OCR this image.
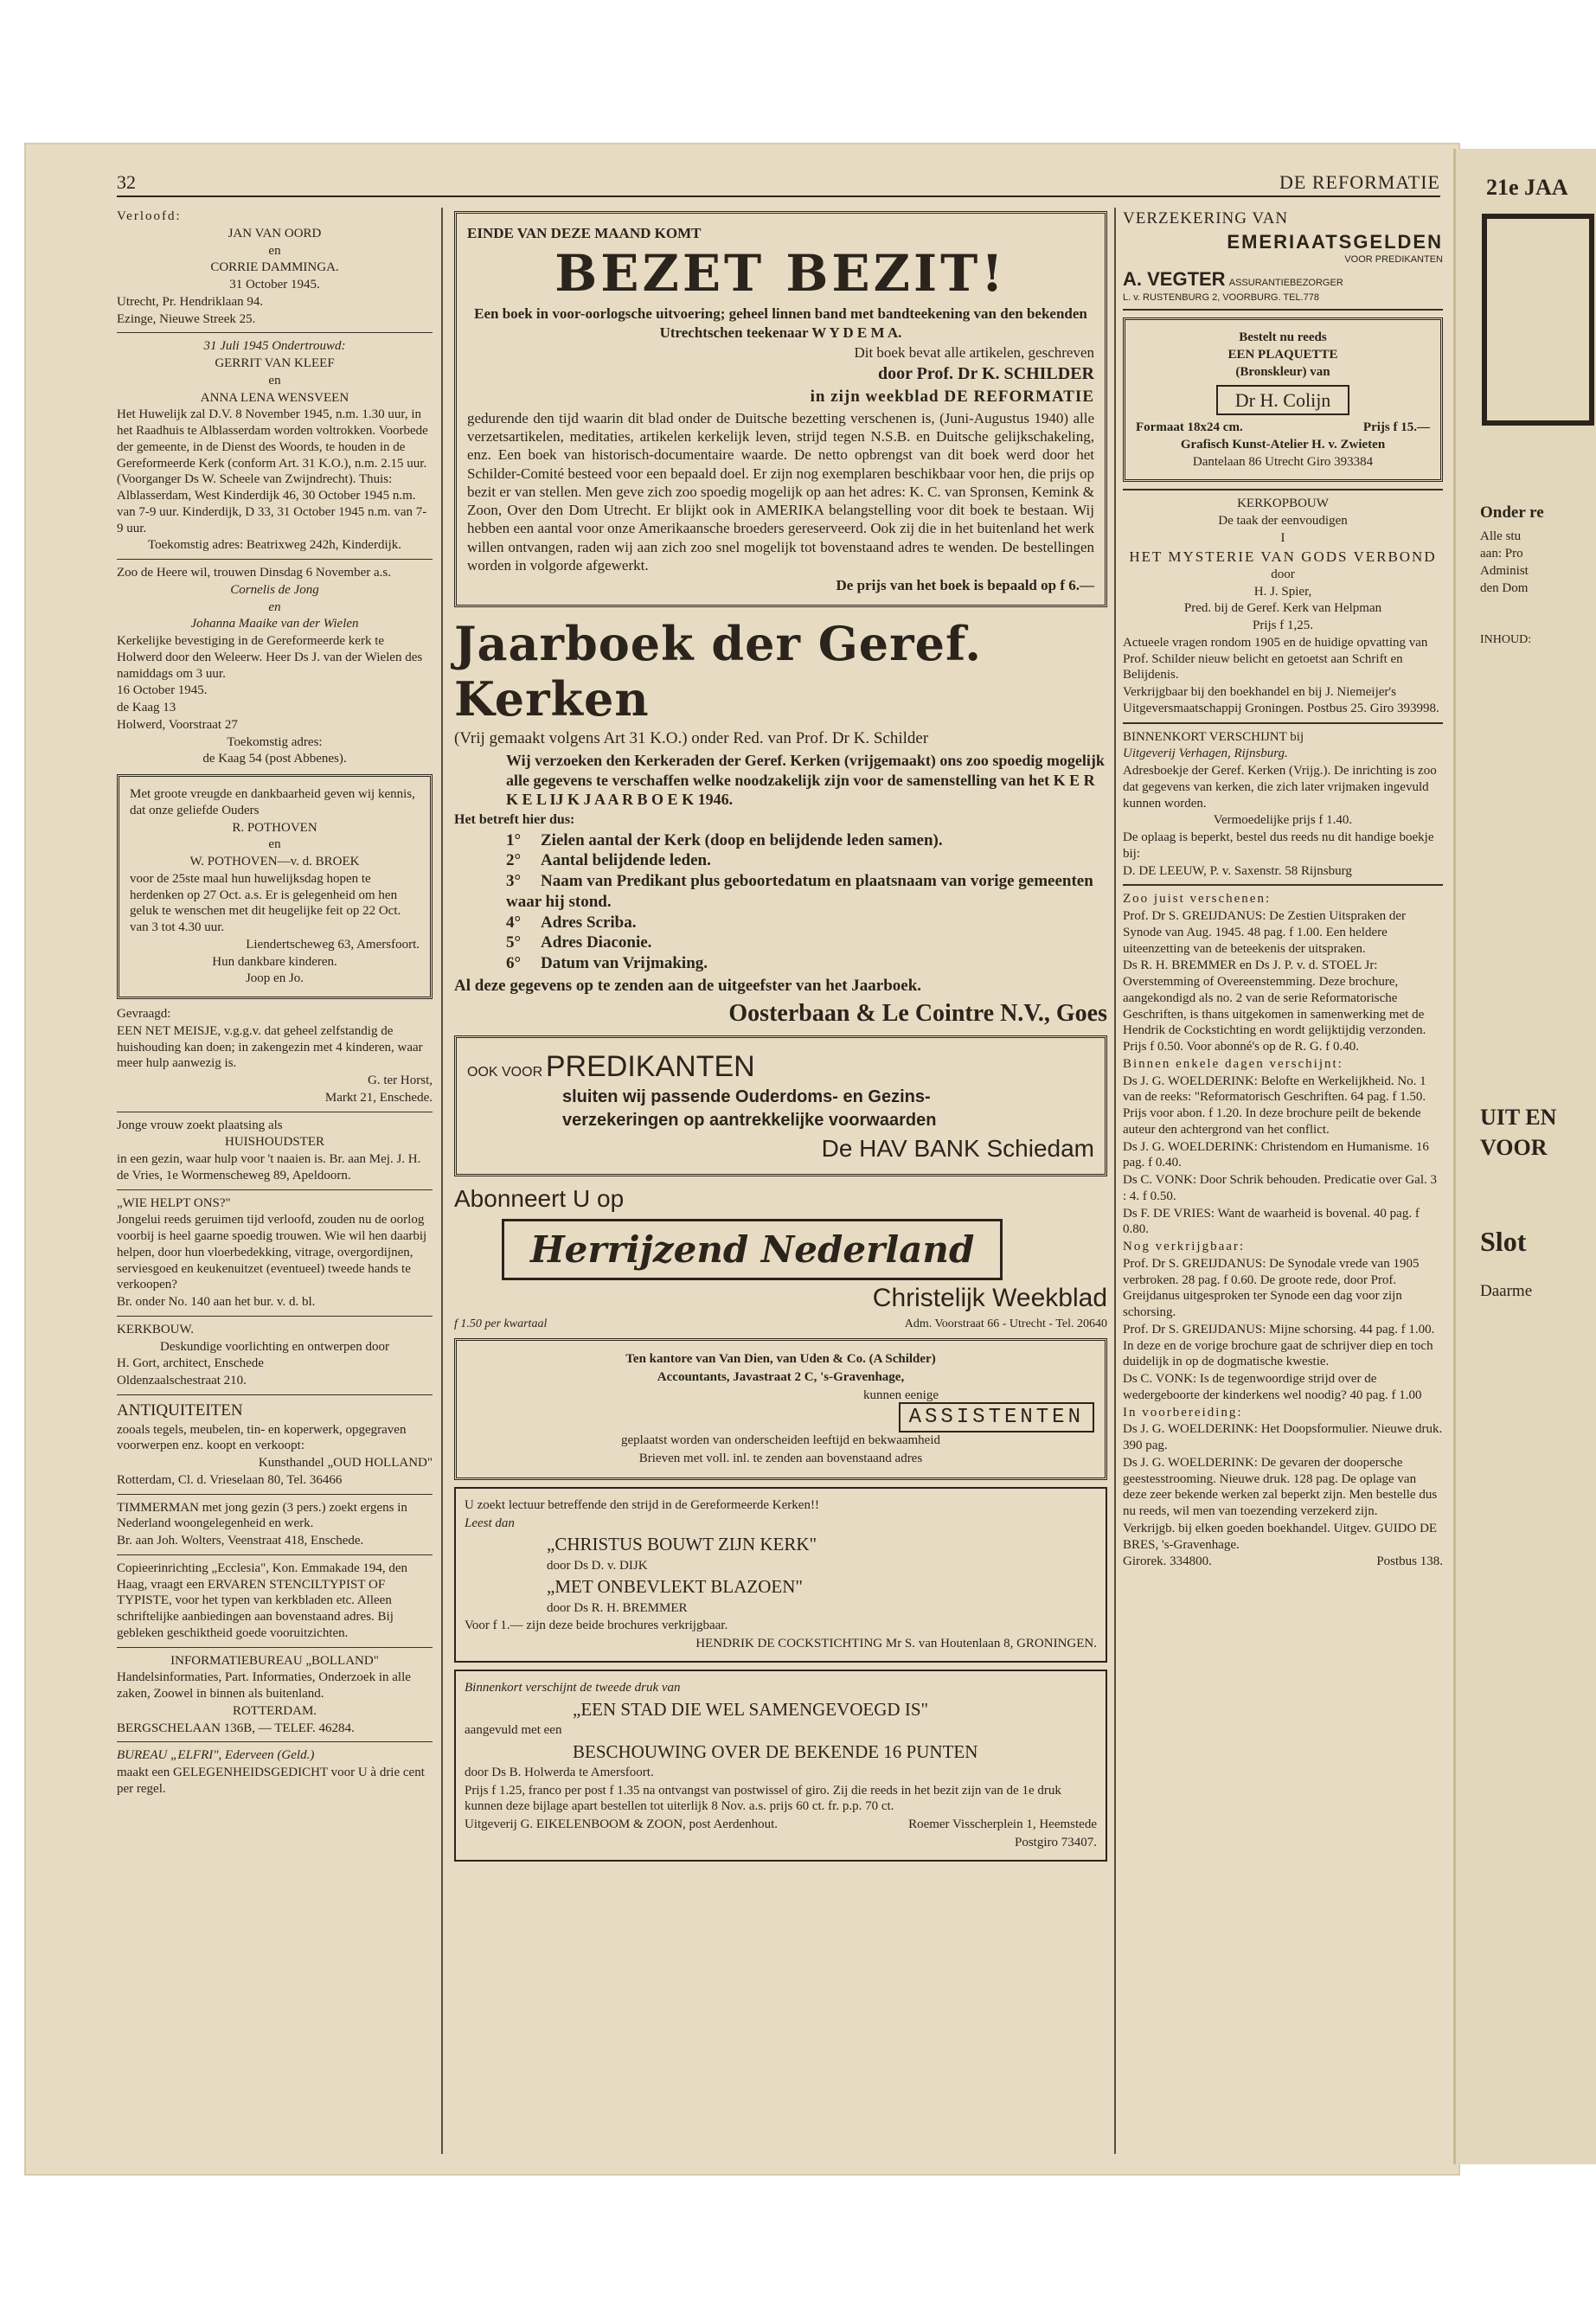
21e JAA
Onder re
Alle stu
aan: Pro
Administ
den Dom
INHOUD:
UIT EN
VOOR
Slot
Daarme
32	DE REFORMATIE

Verloofd:

JAN VAN OORD

en

CORRIE DAMMINGA.

31 October 1945.

Utrecht, Pr. Hendriklaan 94.

Ezinge, Nieuwe Streek 25.

31 Juli 1945 Ondertrouwd:

GERRIT VAN KLEEF

en

ANNA LENA WENSVEEN

Het Huwelijk zal D.V. 8 November 1945, n.m. 1.30 uur, in het Raadhuis te Alblasserdam worden voltrokken. Voorbede der gemeente, in de Dienst des Woords, te houden in de Gereformeerde Kerk (conform Art. 31 K.O.), n.m. 2.15 uur. (Voorganger Ds W. Scheele van Zwijndrecht). Thuis: Alblasserdam, West Kinderdijk 46, 30 October 1945 n.m. van 7-9 uur. Kinderdijk, D 33, 31 October 1945 n.m. van 7-9 uur.

Toekomstig adres: Beatrixweg 242h, Kinderdijk.

Zoo de Heere wil, trouwen Dinsdag 6 November a.s.

Cornelis de Jong

en

Johanna Maaike van der Wielen

Kerkelijke bevestiging in de Gereformeerde kerk te Holwerd door den Weleerw. Heer Ds J. van der Wielen des namiddags om 3 uur.

16 October 1945.

de Kaag 13

Holwerd, Voorstraat 27

Toekomstig adres:

de Kaag 54 (post Abbenes).

Met groote vreugde en dankbaarheid geven wij kennis, dat onze geliefde Ouders

R. POTHOVEN

en

W. POTHOVEN—v. d. BROEK

voor de 25ste maal hun huwelijksdag hopen te herdenken op 27 Oct. a.s. Er is gelegenheid om hen geluk te wenschen met dit heugelijke feit op 22 Oct. van 3 tot 4.30 uur.

Liendertscheweg 63, Amersfoort.

Hun dankbare kinderen.

Joop en Jo.

Gevraagd:

EEN NET MEISJE, v.g.g.v. dat geheel zelfstandig de huishouding kan doen; in zakengezin met 4 kinderen, waar meer hulp aanwezig is.

G. ter Horst,

Markt 21, Enschede.

Jonge vrouw zoekt plaatsing als

HUISHOUDSTER

in een gezin, waar hulp voor 't naaien is. Br. aan Mej. J. H. de Vries, 1e Wormenscheweg 89, Apeldoorn.

„WIE HELPT ONS?"

Jongelui reeds geruimen tijd verloofd, zouden nu de oorlog voorbij is heel gaarne spoedig trouwen. Wie wil hen daarbij helpen, door hun vloerbedekking, vitrage, overgordijnen, serviesgoed en keukenuitzet (eventueel) tweede hands te verkoopen?

Br. onder No. 140 aan het bur. v. d. bl.

KERKBOUW.

Deskundige voorlichting en ontwerpen door

H. Gort, architect, Enschede

Oldenzaalschestraat 210.

ANTIQUITEITEN

zooals tegels, meubelen, tin- en koperwerk, opgegraven voorwerpen enz. koopt en verkoopt:

Kunsthandel „OUD HOLLAND"

Rotterdam, Cl. d. Vrieselaan 80, Tel. 36466

TIMMERMAN met jong gezin (3 pers.) zoekt ergens in Nederland woongelegenheid en werk.

Br. aan Joh. Wolters, Veenstraat 418, Enschede.

Copieerinrichting „Ecclesia", Kon. Emmakade 194, den Haag, vraagt een ERVAREN STENCILTYPIST OF TYPISTE, voor het typen van kerkbladen etc. Alleen schriftelijke aanbiedingen aan bovenstaand adres. Bij gebleken geschiktheid goede vooruitzichten.

INFORMATIEBUREAU „BOLLAND"

Handelsinformaties, Part. Informaties, Onderzoek in alle zaken, Zoowel in binnen als buitenland.

ROTTERDAM.

BERGSCHELAAN 136B, — TELEF. 46284.

BUREAU „ELFRI", Ederveen (Geld.)

maakt een GELEGENHEIDSGEDICHT voor U à drie cent per regel.

EINDE VAN DEZE MAAND KOMT

BEZET BEZIT!

Een boek in voor-oorlogsche uitvoering; geheel linnen band met bandteekening van den bekenden Utrechtschen teekenaar W Y D E M A.

Dit boek bevat alle artikelen, geschreven

door Prof. Dr K. SCHILDER

in zijn weekblad DE REFORMATIE

gedurende den tijd waarin dit blad onder de Duitsche bezetting verschenen is, (Juni-Augustus 1940) alle verzetsartikelen, meditaties, artikelen kerkelijk leven, strijd tegen N.S.B. en Duitsche gelijkschakeling, enz. Een boek van historisch-documentaire waarde. De netto opbrengst van dit boek werd door het Schilder-Comité besteed voor een bepaald doel. Er zijn nog exemplaren beschikbaar voor hen, die prijs op bezit er van stellen. Men geve zich zoo spoedig mogelijk op aan het adres: K. C. van Spronsen, Kemink & Zoon, Over den Dom Utrecht. Er blijkt ook in AMERIKA belangstelling voor dit boek te bestaan. Wij hebben een aantal voor onze Amerikaansche broeders gereserveerd. Ook zij die in het buitenland het werk willen ontvangen, raden wij aan zich zoo snel mogelijk tot bovenstaand adres te wenden. De bestellingen worden in volgorde afgewerkt.

De prijs van het boek is bepaald op f 6.—

Jaarboek der Geref. Kerken

(Vrij gemaakt volgens Art 31 K.O.) onder Red. van Prof. Dr K. Schilder

Wij verzoeken den Kerkeraden der Geref. Kerken (vrijgemaakt) ons zoo spoedig mogelijk alle gegevens te verschaffen welke noodzakelijk zijn voor de samenstelling van het K E R K E L IJ K J A A R B O E K 1946.

Het betreft hier dus:

1° Zielen aantal der Kerk (doop en belijdende leden samen).
2° Aantal belijdende leden.
3° Naam van Predikant plus geboortedatum en plaatsnaam van vorige gemeenten waar hij stond.
4° Adres Scriba.
5° Adres Diaconie.
6° Datum van Vrijmaking.

Al deze gegevens op te zenden aan de uitgeefster van het Jaarboek.

Oosterbaan & Le Cointre N.V., Goes

OOK VOOR PREDIKANTEN

sluiten wij passende Ouderdoms- en Gezins-

verzekeringen op aantrekkelijke voorwaarden

De HAV BANK Schiedam

Abonneert U op

Herrijzend Nederland

Christelijk Weekblad

f 1.50 per kwartaal	Adm. Voorstraat 66 - Utrecht - Tel. 20640

Ten kantore van Van Dien, van Uden & Co. (A Schilder)

Accountants, Javastraat 2 C, 's-Gravenhage,

kunnen eenige

ASSISTENTEN

geplaatst worden van onderscheiden leeftijd en bekwaamheid

Brieven met voll. inl. te zenden aan bovenstaand adres

U zoekt lectuur betreffende den strijd in de Gereformeerde Kerken!!

Leest dan

„CHRISTUS BOUWT ZIJN KERK"

door Ds D. v. DIJK

„MET ONBEVLEKT BLAZOEN"

door Ds R. H. BREMMER

Voor f 1.— zijn deze beide brochures verkrijgbaar.

HENDRIK DE COCKSTICHTING Mr S. van Houtenlaan 8, GRONINGEN.

Binnenkort verschijnt de tweede druk van

„EEN STAD DIE WEL SAMENGEVOEGD IS"

aangevuld met een

BESCHOUWING OVER DE BEKENDE 16 PUNTEN

door Ds B. Holwerda te Amersfoort.

Prijs f 1.25, franco per post f 1.35 na ontvangst van postwissel of giro. Zij die reeds in het bezit zijn van de 1e druk kunnen deze bijlage apart bestellen tot uiterlijk 8 Nov. a.s. prijs 60 ct. fr. p.p. 70 ct.

Uitgeverij G. EIKELENBOOM & ZOON, post Aerdenhout.	Roemer Visscherplein 1, Heemstede

Postgiro 73407.

VERZEKERING VAN

EMERIAATSGELDEN

VOOR PREDIKANTEN

A. VEGTER ASSURANTIEBEZORGER

L. v. RUSTENBURG 2, VOORBURG. TEL.778

Bestelt nu reeds

EEN PLAQUETTE

(Bronskleur) van

Dr H. Colijn

Formaat 18x24 cm.	Prijs f 15.—

Grafisch Kunst-Atelier H. v. Zwieten

Dantelaan 86 Utrecht Giro 393384

KERKOPBOUW

De taak der eenvoudigen

I

HET MYSTERIE VAN GODS VERBOND

door

H. J. Spier,

Pred. bij de Geref. Kerk van Helpman

Prijs f 1,25.

Actueele vragen rondom 1905 en de huidige opvatting van Prof. Schilder nieuw belicht en getoetst aan Schrift en Belijdenis.

Verkrijgbaar bij den boekhandel en bij J. Niemeijer's Uitgeversmaatschappij Groningen. Postbus 25. Giro 393998.

BINNENKORT VERSCHIJNT bij

Uitgeverij Verhagen, Rijnsburg.

Adresboekje der Geref. Kerken (Vrijg.). De inrichting is zoo dat gegevens van kerken, die zich later vrijmaken ingevuld kunnen worden.

Vermoedelijke prijs f 1.40.

De oplaag is beperkt, bestel dus reeds nu dit handige boekje bij:

D. DE LEEUW, P. v. Saxenstr. 58 Rijnsburg

Zoo juist verschenen:

Prof. Dr S. GREIJDANUS: De Zestien Uitspraken der Synode van Aug. 1945. 48 pag. f 1.00. Een heldere uiteenzetting van de beteekenis der uitspraken.

Ds R. H. BREMMER en Ds J. P. v. d. STOEL Jr: Overstemming of Overeenstemming. Deze brochure, aangekondigd als no. 2 van de serie Reformatorische Geschriften, is thans uitgekomen in samenwerking met de Hendrik de Cockstichting en wordt gelijktijdig verzonden. Prijs f 0.50. Voor abonné's op de R. G. f 0.40.

Binnen enkele dagen verschijnt:

Ds J. G. WOELDERINK: Belofte en Werkelijkheid. No. 1 van de reeks: "Reformatorisch Geschriften. 64 pag. f 1.50. Prijs voor abon. f 1.20. In deze brochure peilt de bekende auteur den achtergrond van het conflict.

Ds J. G. WOELDERINK: Christendom en Humanisme. 16 pag. f 0.40.

Ds C. VONK: Door Schrik behouden. Predicatie over Gal. 3 : 4. f 0.50.

Ds F. DE VRIES: Want de waarheid is bovenal. 40 pag. f 0.80.

Nog verkrijgbaar:

Prof. Dr S. GREIJDANUS: De Synodale vrede van 1905 verbroken. 28 pag. f 0.60. De groote rede, door Prof. Greijdanus uitgesproken ter Synode een dag voor zijn schorsing.

Prof. Dr S. GREIJDANUS: Mijne schorsing. 44 pag. f 1.00. In deze en de vorige brochure gaat de schrijver diep en toch duidelijk in op de dogmatische kwestie.

Ds C. VONK: Is de tegenwoordige strijd over de wedergeboorte der kinderkens wel noodig? 40 pag. f 1.00

In voorbereiding:

Ds J. G. WOELDERINK: Het Doopsformulier. Nieuwe druk. 390 pag.

Ds J. G. WOELDERINK: De gevaren der doopersche geestesstrooming. Nieuwe druk. 128 pag. De oplage van deze zeer bekende werken zal beperkt zijn. Men bestelle dus nu reeds, wil men van toezending verzekerd zijn.

Verkrijgb. bij elken goeden boekhandel. Uitgev. GUIDO DE BRES, 's-Gravenhage.

Girorek. 334800.	Postbus 138.
